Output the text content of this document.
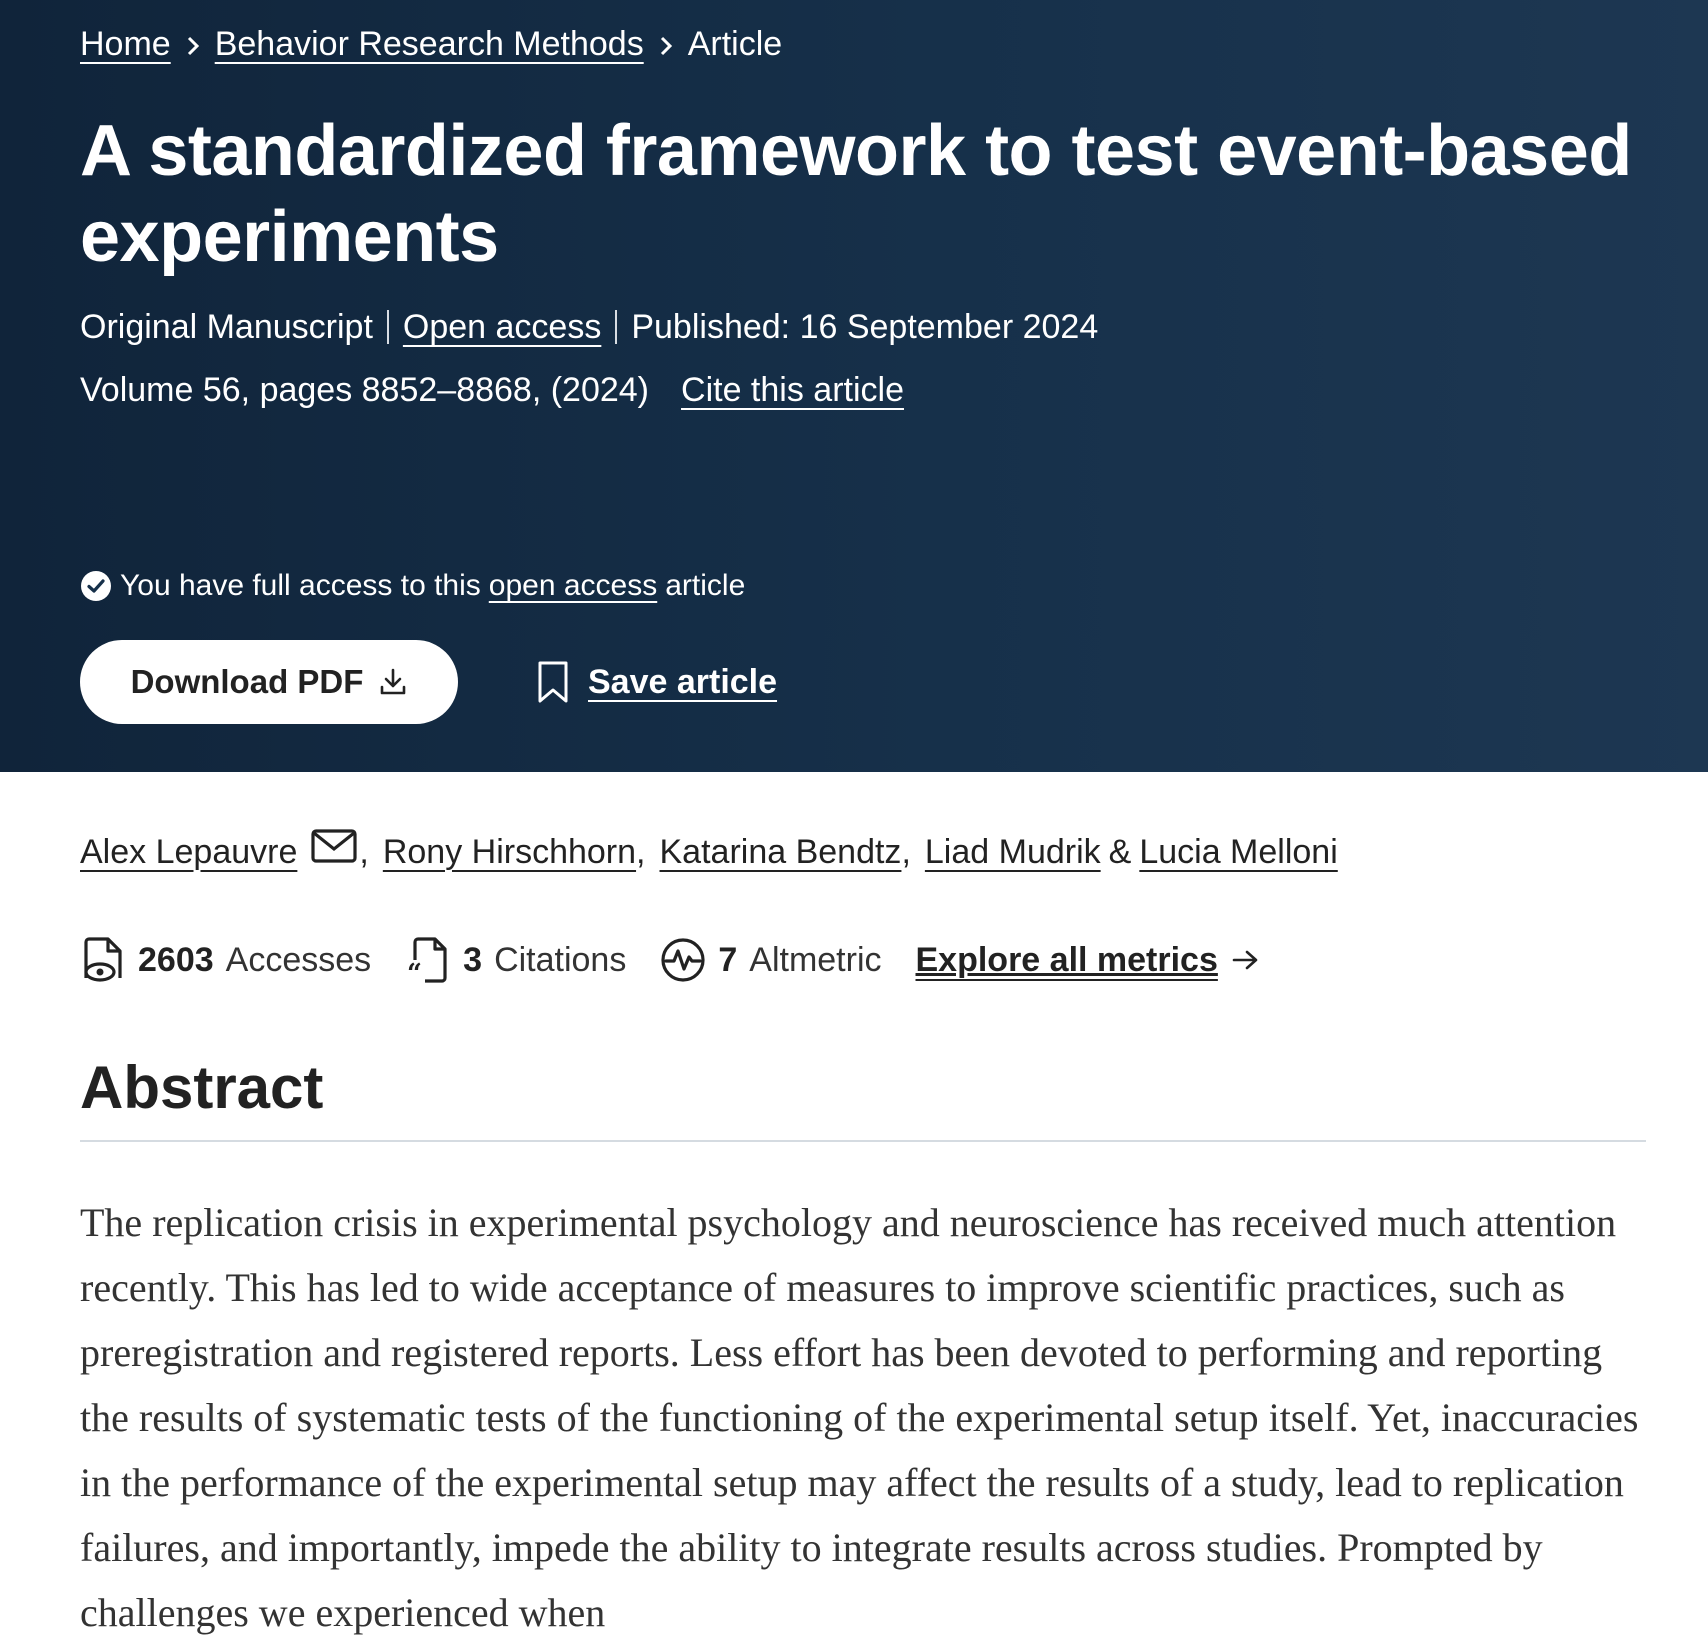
Home Behavior Research Methods Article
A standardized framework to test event-based experiments
Original Manuscript Open access Published: 16 September 2024
Volume 56, pages 8852–8868, (2024) Cite this article
You have full access to this open access article
Download PDF	Save article
Alex Lepauvre , Rony Hirschhorn , Katarina Bendtz , Liad Mudrik & Lucia Melloni
2603 Accesses “ 3 Citations	7 Altmetric Explore all metrics
Abstract

The replication crisis in experimental psychology and neuroscience has received much attention recently. This has led to wide acceptance of measures to improve scientific practices, such as preregistration and registered reports. Less effort has been devoted to performing and reporting the results of systematic tests of the functioning of the experimental setup itself. Yet, inaccuracies in the performance of the experimental setup may affect the results of a study, lead to replication failures, and importantly, impede the ability to integrate results across studies. Prompted by challenges we experienced when
